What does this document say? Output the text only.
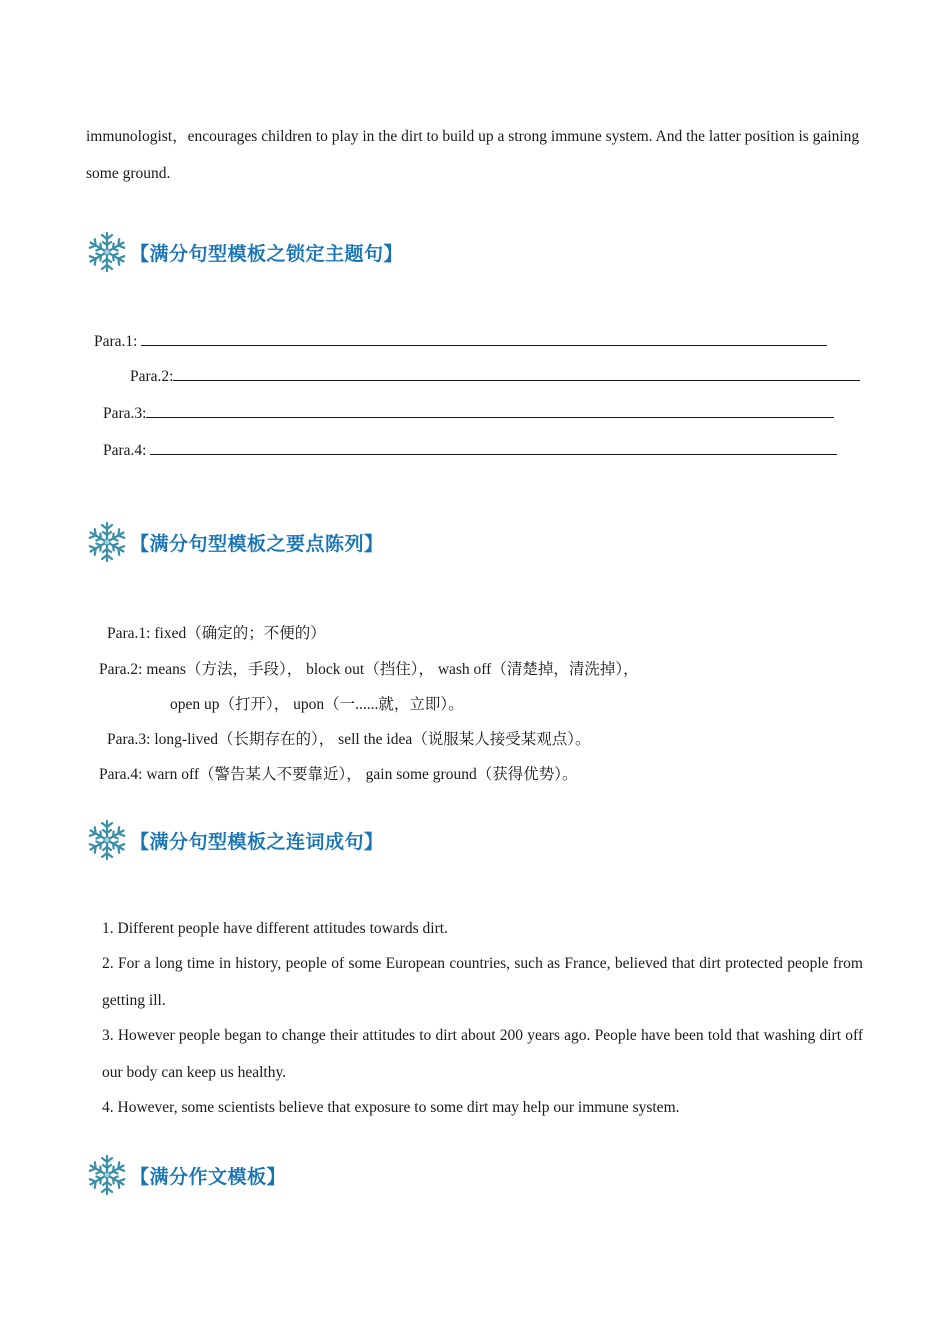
immunologist，encourages children to play in the dirt to build up a strong immune system. And the latter position is gaining some ground.
【满分句型模板之锁定主题句】
Para.1:
Para.2:
Para.3:
Para.4:
【满分句型模板之要点陈列】
Para.1: fixed（确定的；不便的）
Para.2: means（方法，手段）， block out（挡住）， wash off（清楚掉，清洗掉），
open up（打开）， upon（一......就，立即）。
Para.3: long-lived（长期存在的）， sell the idea（说服某人接受某观点）。
Para.4: warn off（警告某人不要靠近）， gain some ground（获得优势）。
【满分句型模板之连词成句】
1. Different people have different attitudes towards dirt.
2. For a long time in history, people of some European countries, such as France, believed that dirt protected people from getting ill.
3. However people began to change their attitudes to dirt about 200 years ago. People have been told that washing dirt off our body can keep us healthy.
4. However, some scientists believe that exposure to some dirt may help our immune system.
【满分作文模板】
